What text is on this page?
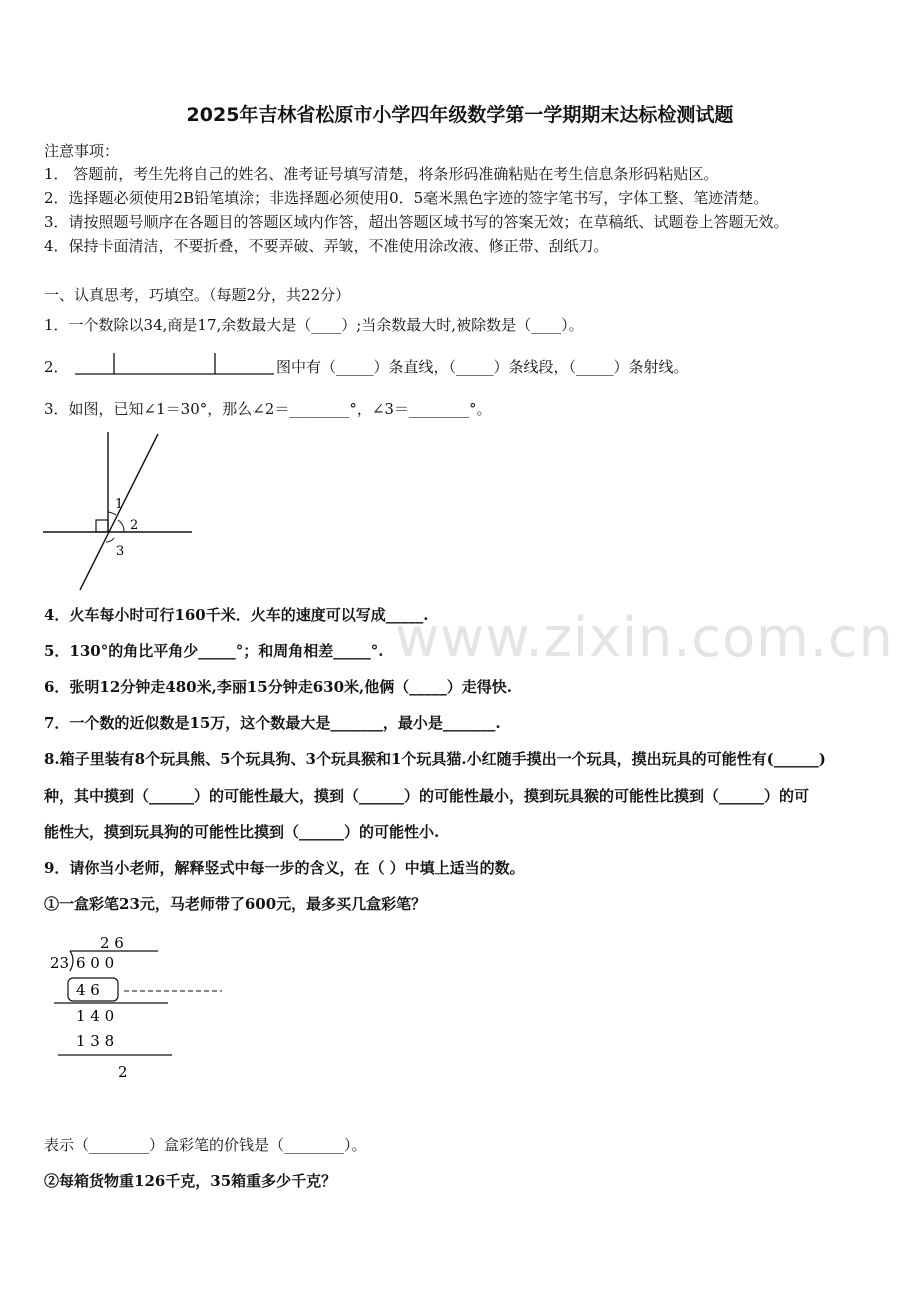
www.zixin.com.cn
2025年吉林省松原市小学四年级数学第一学期期末达标检测试题
注意事项：
1． 答题前，考生先将自己的姓名、准考证号填写清楚，将条形码准确粘贴在考生信息条形码粘贴区。
2．选择题必须使用2B铅笔填涂；非选择题必须使用0．5毫米黑色字迹的签字笔书写，字体工整、笔迹清楚。
3．请按照题号顺序在各题目的答题区域内作答，超出答题区域书写的答案无效；在草稿纸、试题卷上答题无效。
4．保持卡面清洁，不要折叠，不要弄破、弄皱，不准使用涂改液、修正带、刮纸刀。
一、认真思考，巧填空。（每题2分，共22分）
1．一个数除以34,商是17,余数最大是（____）;当余数最大时,被除数是（____）。
2．	图中有（_____）条直线，（_____）条线段，（_____）条射线。
3．如图，已知∠1＝30°，那么∠2＝________°，∠3＝________°。
1
2
3
4．火车每小时可行160千米．火车的速度可以写成_____.
5．130°的角比平角少_____°；和周角相差_____°.
6．张明12分钟走480米,李丽15分钟走630米,他俩（_____）走得快.
7．一个数的近似数是15万，这个数最大是_______，最小是_______.
8.箱子里装有8个玩具熊、5个玩具狗、3个玩具猴和1个玩具猫.小红随手摸出一个玩具，摸出玩具的可能性有(______)
种，其中摸到（______）的可能性最大，摸到（______）的可能性最小，摸到玩具猴的可能性比摸到（______）的可
能性大，摸到玩具狗的可能性比摸到（______）的可能性小.
9．请你当小老师，解释竖式中每一步的含义，在（ ）中填上适当的数。
①一盒彩笔23元，马老师带了600元，最多买几盒彩笔？
2 6
23 6 0 0
4 6
1 4 0
1 3 8
2
表示（________）盒彩笔的价钱是（________）。
②每箱货物重126千克，35箱重多少千克？
